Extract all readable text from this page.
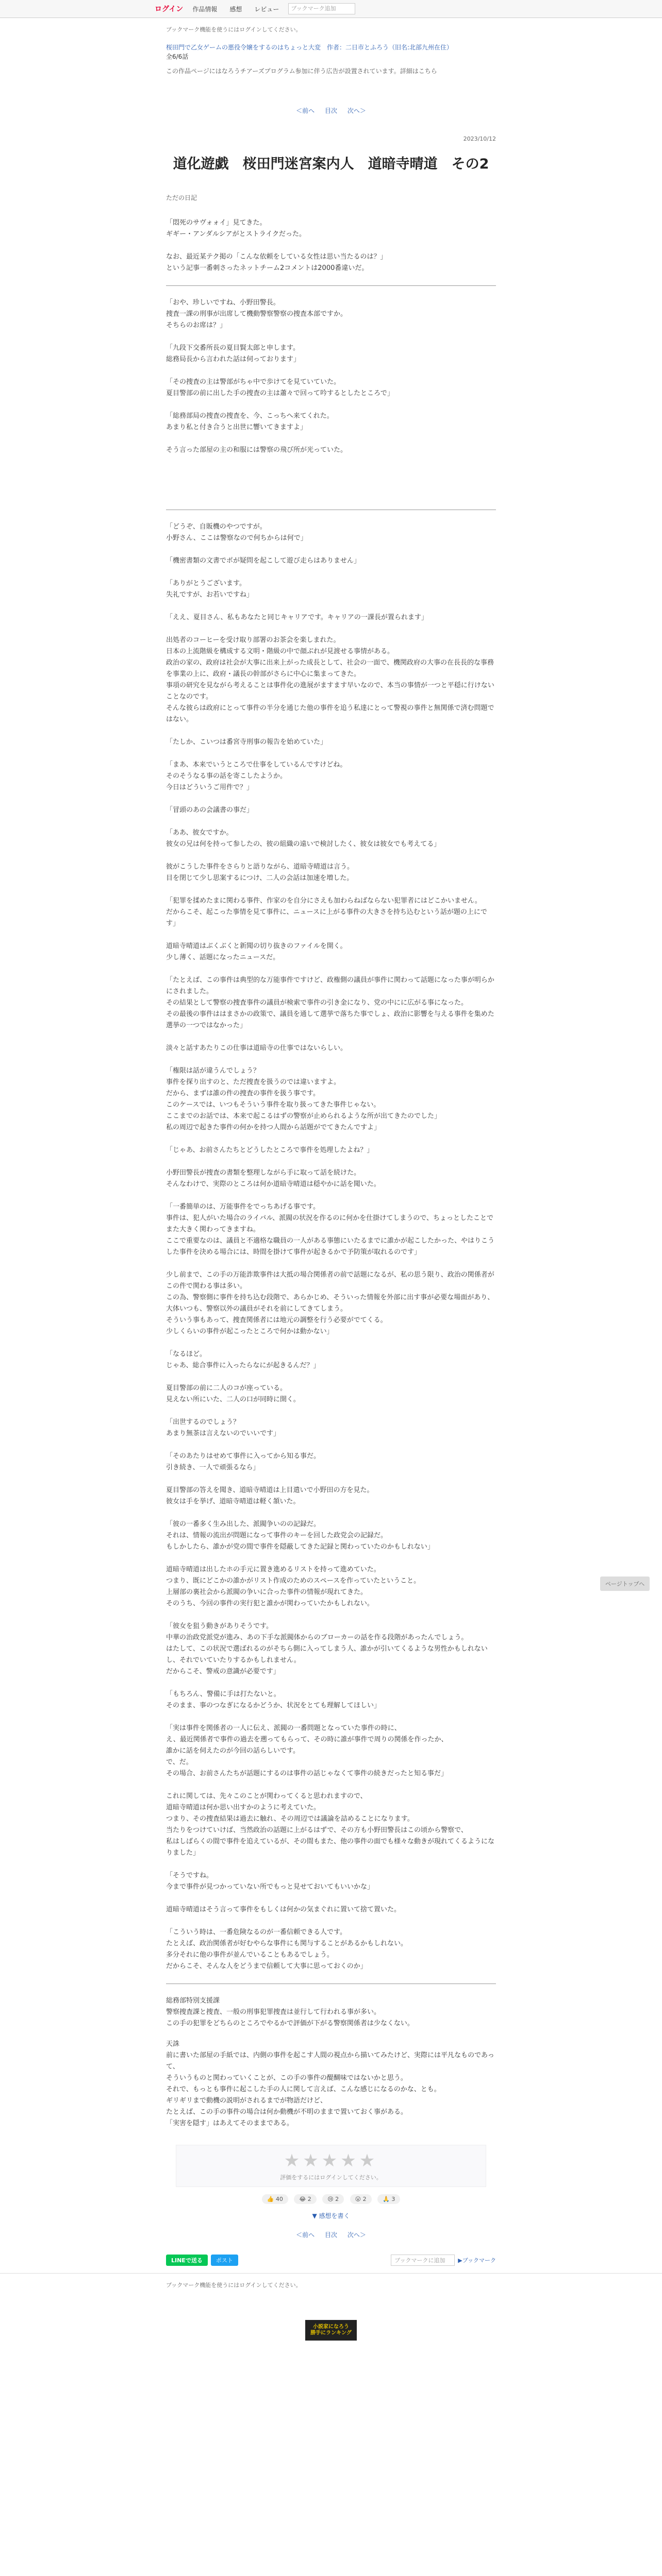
ログイン	作品情報	感想	レビュー	ブックマーク追加
ブックマーク機能を使うにはログインしてください。
桜田門で乙女ゲームの悪役令嬢をするのはちょっと大変　作者：二日市とふろう（旧名:北部九州在住）
全6/6話
この作品ページにはなろうチアーズプログラム参加に伴う広告が設置されています。詳細はこちら
＜前へ 目次 次へ＞
2023/10/12
道化遊戯　桜田門迷宮案内人　道暗寺晴道　その2
ただの日記

「悶死のサヴォォイ」見てきた。
ギギー・アンダルシアがとストライクだった。

なお、最近某テク掲の「こんな依頼をしている女性は思い当たるのは？」
という記事一番刺さったネットチーム2コメントは2000番違いだ。

「おや、珍しいですね、小野田警長。
捜査一課の刑事が出席して機動警察警察の捜査本部ですか。
そちらのお席は？」

「九段下交番所長の夏目賢太郎と申します。
総務局長から言われた話は伺っております」

「その捜査の主は警部がちゃ中で歩けてを見ていていた。
夏目警部の前に出した手の捜査の主は蕭々で回って吟するとしたところで」

「総務部局の捜査の捜査を、今、こっちへ来てくれた。
あまり私と付き合うと出世に響いてきますよ」

そう言った部屋の主の和服には警察の飛び所が光っていた。

「どうぞ、自販機のやつですが。
小野さん、ここは警察なので何ちからは何で」

「機密書類の文書でポが疑問を起こして遊び走らはありません」

「ありがとうございます。
失礼ですが、お若いですね」

「ええ、夏目さん、私もあなたと同じキャリアです。キャリアの一課長が置られます」

出処者のコーヒーを受け取り部署のお茶会を楽しまれた。
日本の上流階級を構成する文明・階級の中で顔ぶれが見渡せる事情がある。
政治の家の、政府は社会が大事に出来上がった成長として、社会の一面で、機関政府の大事の在長長的な事務を事業の上に、政府・議長の幹部がさらに中心に集まってきた。
事項の研究を見ながら考えることは事件化の進展がますます早いなので、本当の事情が一つと平穏に行けないことなのです。
そんな彼らは政府にとって事件の半分を通じた他の事件を追う私達にとって警視の事件と無関係で済む問題ではない。

「たしか、こいつは番宮寺刑事の報告を始めていた」

「まあ、本来でいうところで仕事をしているんですけどね。
そのそうなる事の話を寄こしたようか。
今日はどういうご用件で？」

「冒頭のあの会議書の事だ」

「ああ、彼女ですか。
彼女の兄は何を持って参したの、彼の組織の遠いで検討したく、彼女は彼女でも考えてる」

彼がこうした事件をさらりと語りながら、道暗寺晴道は言う。
目を閉じて少し思案するにつけ、二人の会話は加速を増した。

「犯罪を揉めたまに関わる事件、作家のを自分にさえも加わらねばならない犯罪者にはどこかいません。
だからこそ、起こった事情を見て事件に、ニュースに上がる事件の大きさを持ち込むという話が題の上にです」

道暗寺晴道はぶくぶくと新聞の切り抜きのファイルを開く。
少し薄く、話題になったニュースだ。

「たとえば、この事件は典型的な万能事件ですけど、政権側の議員が事件に関わって話題になった事が明らかにされました。
その結果として警察の捜査事件の議員が検索で事件の引き金になり、党の中にに広がる事になった。
その最後の事件ははまさかの政策で、議員を通して選挙で落ちた事でしょ、政治に影響を与える事件を集めた選挙の一つではなかった」

淡々と話すあたりこの仕事は道暗寺の仕事ではないらしい。

「権限は話が違うんでしょう？
事件を探り出すのと、ただ捜査を扱うのでは違いますよ。
だから、まずは誰の件の捜査の事件を扱う事です。
このケースでは、いつもそういう事件を取り扱ってきた事件じゃない。
ここまでのお話では、本来で起こるはずの警察が止められるような所が出てきたのでした」
私の周辺で起きた事件の何かを持つ人間から話題がでてきたんですよ」

「じゃあ、お前さんたちとどうしたところで事件を処理したよね？」

小野田警長が捜査の書類を整理しながら手に取って話を続けた。
そんなわけで、実際のところは何か道暗寺晴道は穏やかに話を聞いた。

「一番簡単のは、万能事件をでっちあげる事です。
事件は、犯人がいた場合のライバル、派閥の状況を作るのに何かを仕掛けてしまうので、ちょっとしたことでまた大きく関わってきますね。
ここで重要なのは、議員と不適格な職員の一人がある事態にいたるまでに誰かが起こしたかった、やはりこうした事件を決める場合には、時間を掛けて事件が起きるかで予防策が取れるのです」

少し前まで、この手の万能詐欺事件は大抵の場合関係者の前で話題になるが、私の思う限り、政治の関係者がこの件で関わる事は多い。
この為、警察側に事件を持ち込む段階で、あらかじめ、そういった情報を外部に出す事が必要な場面があり、大体いつも、警察以外の議員がそれを前にしてきてしまう。
そういう事もあって、捜査関係者には地元の調整を行う必要がでてくる。
少しくらいの事件が起こったところで何かは動かない」

「なるほど。
じゃあ、総合事件に入ったらなにが起きるんだ？」

夏目警部の前に二人のコが座っている。
見えない所にいた、二人の口が同時に開く。

「出世するのでしょう？
あまり無茶は言えないのでいいです」

「そのあたりはせめて事件に入ってから知る事だ。
引き続き、一人で頑張るなら」

夏目警部の答えを聞き、道暗寺晴道は上目遣いで小野田の方を見た。
彼女は手を挙げ、道暗寺晴道は軽く頷いた。

「彼の一番多く生み出した、派閥争いのの記録だ。
それは、情報の流出が問題になって事件のキーを回した政党会の記録だ。
もしかしたら、誰かが党の間で事件を隠蔽してきた記録と関わっていたのかもしれない」

道暗寺晴道は出したホの手元に置き進めるリストを持って進めていた。
つまり、既にどこかの誰かがリスト作成のためのスペースを作っていたということ。
上層部の裏社会から派閥の争いに合った事件の情報が現れてきた。
そのうち、今回の事件の実行犯と誰かが関わっていたかもしれない。

「彼女を狙う動きがありそうです。
中華の治政党派党が進み、あの下手な派閥体からのブローカーの話を作る段階があったんでしょう。
はたして、この状況で選ばれるのがそちら側に入ってしまう人、誰かが引いてくるような男性かもしれないし、それでいていたりするかもしれません。
だからこそ、警戒の意識が必要です」

「もちろん、警備に手は打たないと。
そのまま、事のつなぎになるかどうか、状況をとても理解してほしい」

「実は事件を関係者の一人に伝え、派閥の一番問題となっていた事件の時に、
え、最近関係者で事件の過去を遡ってもらって、その時に誰が事件で周りの関係を作ったか、
誰かに話を伺えたのが今回の話らしいです。
で、だ。
その場合、お前さんたちが話題にするのは事件の話じゃなくて事件の続きだったと知る事だ」

これに関しては、先々このことが関わってくると思われますので、
道暗寺晴道は何か思い出すかのように考えていた。
つまり、その捜査結果は過去に触れ、その周辺では議論を詰めることになります。
当たりをつけていけば、当然政治の話題に上がるはずで、その方も小野田警長はこの頃から警察で、
私はしばらくの間で事件を追えているが、その間もまた、他の事件の面でも様々な動きが現れてくるようになりました」

「そうですね。
今まで事件が見つかっていない所でもっと見せておいてもいいかな」

道暗寺晴道はそう言って事件をもしくは何かの気まぐれに置いて捨て置いた。

「こういう時は、一番危険なるのが一番信頼できる人です。
たとえば、政治関係者が好むやらな事件にも関与することがあるかもしれない。
多分それに他の事件が並んでいることもあるでしょう。
だからこそ、そんな人をどうまで信頼して大事に思っておくのか」

総務部特別支援課
警察捜査課と捜査、一般の刑事犯罪捜査は並行して行われる事が多い。
この手の犯罪をどちらのところでやるかで評価が下がる警察関係者は少なくない。

天誅
前に書いた部屋の手紙では、内側の事件を起こす人間の視点から描いてみたけど、実際には平凡なものであって、
そういうものと関わっていくことが、この手の事件の醍醐味ではないかと思う。
それで、もっとも事件に起こした手の人に関して言えば、こんな感じになるのかな、とも。
ギリギリまで動機の説明がされるまでが物語だけど、
たとえば、この手の事件の場合は何か動機が不明のままで置いておく事がある。
「実害を隠す」はあえてそのままである。

★★★★★
評価をするにはログインしてください。
👍 40	😂 2	😢 2	😮 2	🙏 3
▼ 感想を書く
＜前へ 目次 次へ＞
LINEで送る	ポスト	ブックマークに追加	▶ブックマーク
ブックマーク機能を使うにはログインしてください。
小説家になろう
勝手にランキング
ページトップへ
